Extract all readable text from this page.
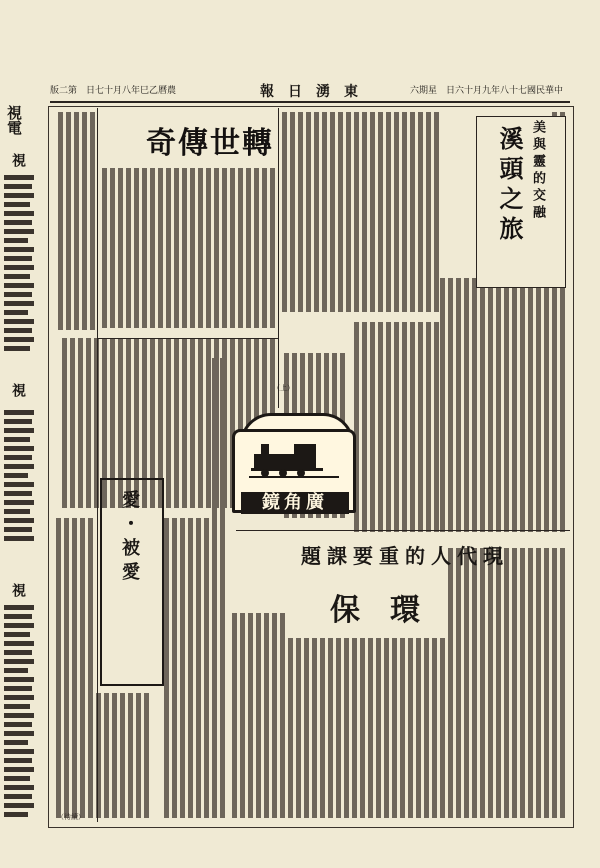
版二第　日七十月八年巳乙曆農	報日湧東	六期星　日六十月九年八十七國民華中
視電
視
視
視
美與靈的交融
溪頭之旅
奇傳世轉
（上）
鏡角廣
題課要重的人代現
保環
愛・被愛
（待續）
